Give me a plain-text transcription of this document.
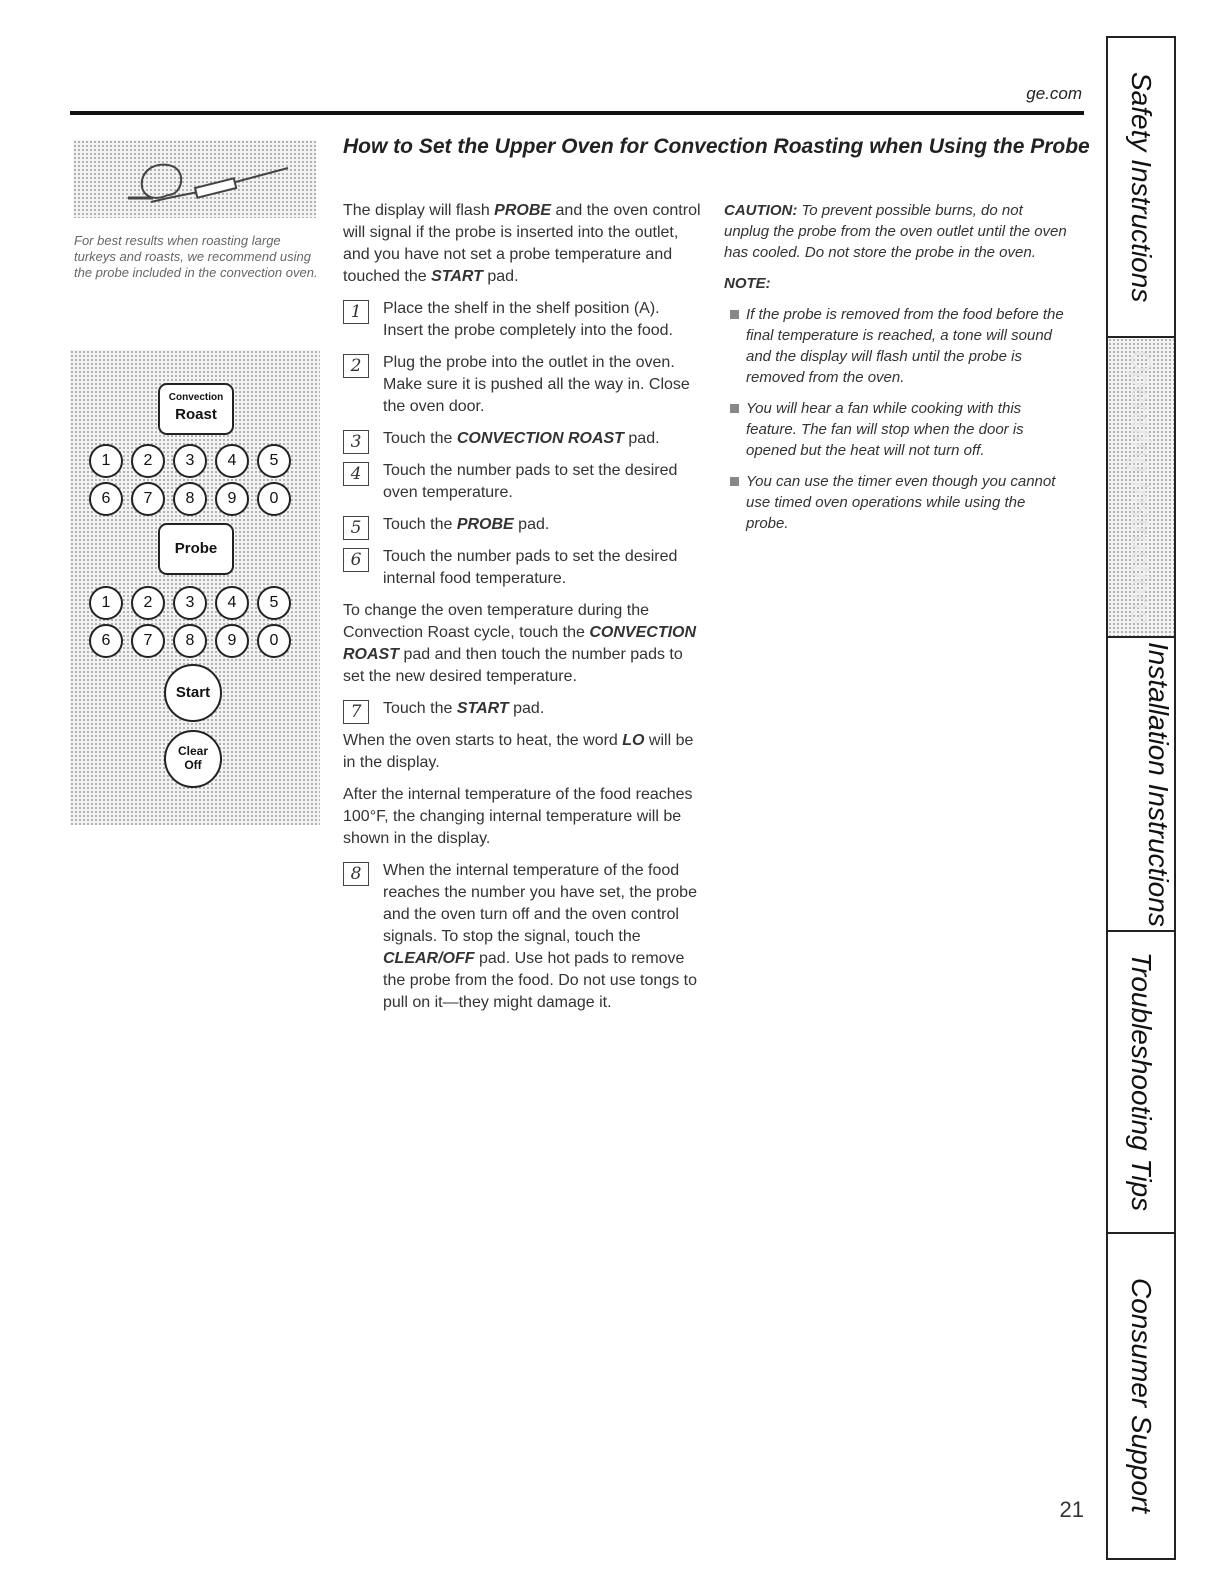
ge.com
How to Set the Upper Oven for Convection Roasting when Using the Probe
For best results when roasting large turkeys and roasts, we recommend using the probe included in the convection oven.
Convection
Roast
1	2	3	4	5
6	7	8	9	0
Probe
1	2	3	4	5
6	7	8	9	0
Start
Clear
Off

The display will flash PROBE and the oven control will signal if the probe is inserted into the outlet, and you have not set a probe temperature and touched the START pad.

1	Place the shelf in the shelf position (A). Insert the probe completely into the food.
2	Plug the probe into the outlet in the oven. Make sure it is pushed all the way in. Close the oven door.
3	Touch the CONVECTION ROAST pad.
4	Touch the number pads to set the desired oven temperature.
5	Touch the PROBE pad.
6	Touch the number pads to set the desired internal food temperature.

To change the oven temperature during the Convection Roast cycle, touch the CONVECTION ROAST pad and then touch the number pads to set the new desired temperature.

7	Touch the START pad.

When the oven starts to heat, the word LO will be in the display.

After the internal temperature of the food reaches 100°F, the changing internal temperature will be shown in the display.

8	When the internal temperature of the food reaches the number you have set, the probe and the oven turn off and the oven control signals. To stop the signal, touch the CLEAR/OFF pad. Use hot pads to remove the probe from the food. Do not use tongs to pull on it—they might damage it.

CAUTION: To prevent possible burns, do not unplug the probe from the oven outlet until the oven has cooled. Do not store the probe in the oven.

NOTE:

If the probe is removed from the food before the final temperature is reached, a tone will sound and the display will flash until the probe is removed from the oven.
You will hear a fan while cooking with this feature. The fan will stop when the door is opened but the heat will not turn off.
You can use the timer even though you cannot use timed oven operations while using the probe.
Safety Instructions
Operating Instructions
Installation Instructions
Troubleshooting Tips
Consumer Support
21
